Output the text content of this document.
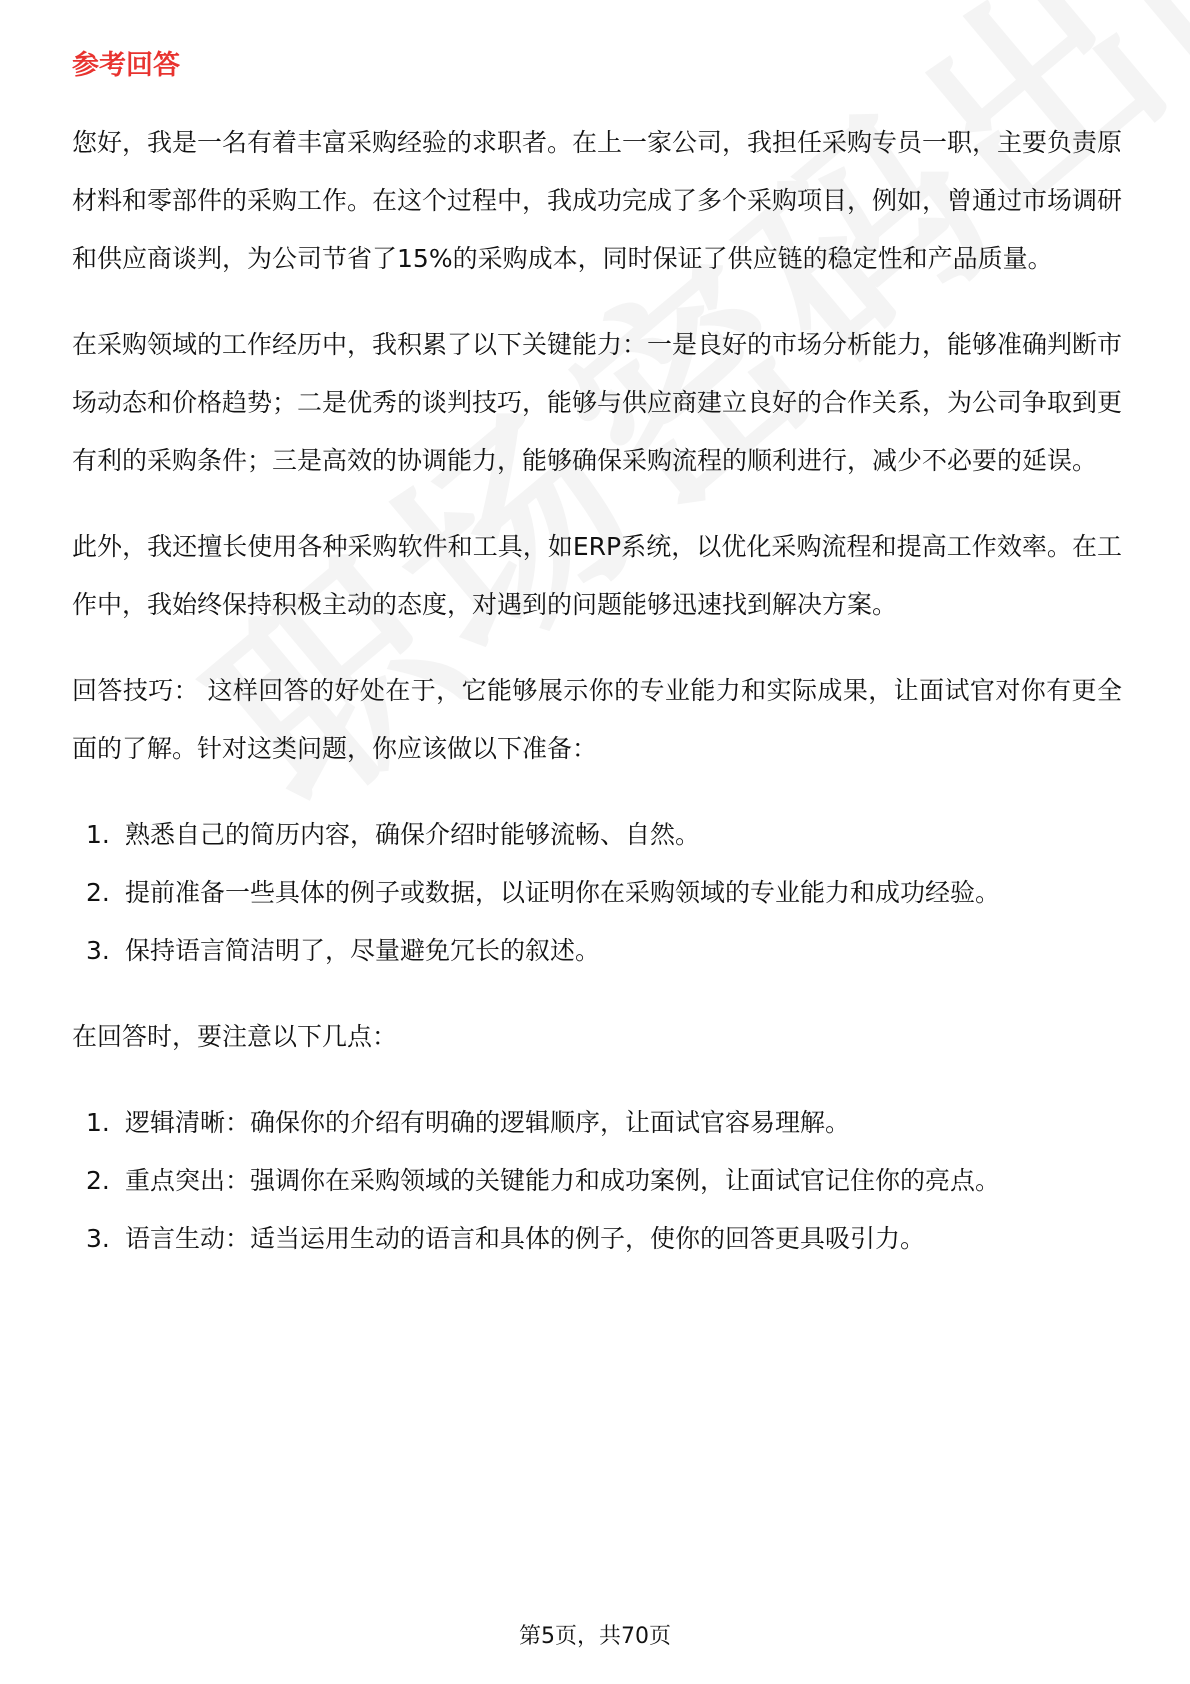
参考回答

您好，我是一名有着丰富采购经验的求职者。在上一家公司，我担任采购专员一职，主要负责原材料和零部件的采购工作。在这个过程中，我成功完成了多个采购项目，例如，曾通过市场调研和供应商谈判，为公司节省了15%的采购成本，同时保证了供应链的稳定性和产品质量。

在采购领域的工作经历中，我积累了以下关键能力：一是良好的市场分析能力，能够准确判断市场动态和价格趋势；二是优秀的谈判技巧，能够与供应商建立良好的合作关系，为公司争取到更有利的采购条件；三是高效的协调能力，能够确保采购流程的顺利进行，减少不必要的延误。

此外，我还擅长使用各种采购软件和工具，如ERP系统，以优化采购流程和提高工作效率。在工作中，我始终保持积极主动的态度，对遇到的问题能够迅速找到解决方案。

回答技巧： 这样回答的好处在于，它能够展示你的专业能力和实际成果，让面试官对你有更全面的了解。针对这类问题，你应该做以下准备：

1. 熟悉自己的简历内容，确保介绍时能够流畅、自然。
2. 提前准备一些具体的例子或数据，以证明你在采购领域的专业能力和成功经验。
3. 保持语言简洁明了，尽量避免冗长的叙述。

在回答时，要注意以下几点：

1. 逻辑清晰：确保你的介绍有明确的逻辑顺序，让面试官容易理解。
2. 重点突出：强调你在采购领域的关键能力和成功案例，让面试官记住你的亮点。
3. 语言生动：适当运用生动的语言和具体的例子，使你的回答更具吸引力。
第5页，共70页
